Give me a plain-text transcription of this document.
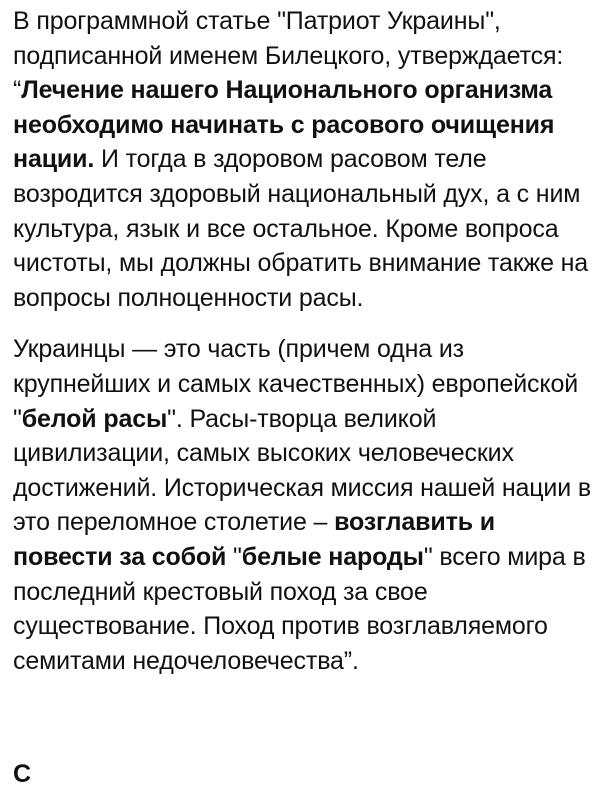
В программной статье "Патриот Украины", подписанной именем Билецкого, утверждается: “Лечение нашего Национального организма необходимо начинать с расового очищения нации. И тогда в здоровом расовом теле возродится здоровый национальный дух, а с ним культура, язык и все остальное. Кроме вопроса чистоты, мы должны обратить внимание также на вопросы полноценности расы.

Украинцы — это часть (причем одна из крупнейших и самых качественных) европейской "белой расы". Расы-творца великой цивилизации, самых высоких человеческих достижений. Историческая миссия нашей нации в это переломное столетие – возглавить и повести за собой "белые народы" всего мира в последний крестовый поход за свое существование. Поход против возглавляемого семитами недочеловечества”.

С
